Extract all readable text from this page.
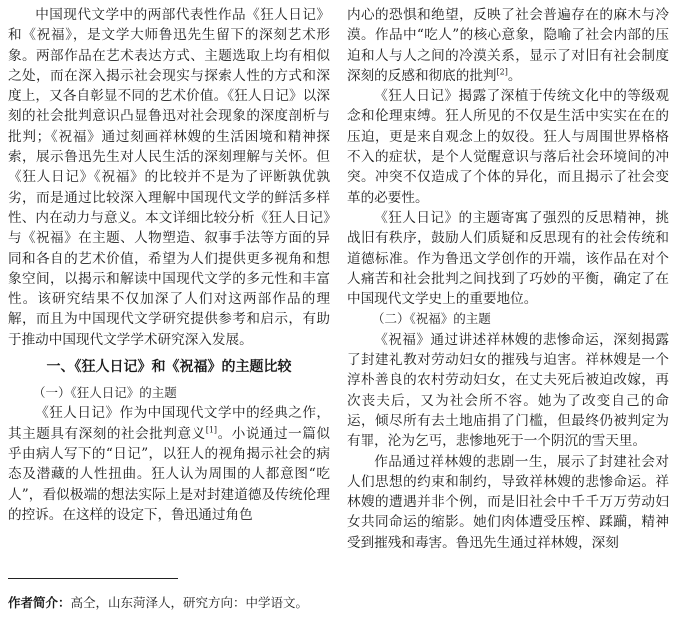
中国现代文学中的两部代表性作品《狂人日记》和《祝福》，是文学大师鲁迅先生留下的深刻艺术形象。两部作品在艺术表达方式、主题选取上均有相似之处，而在深入揭示社会现实与探索人性的方式和深度上，又各自彰显不同的艺术价值。《狂人日记》以深刻的社会批判意识凸显鲁迅对社会现象的深度剖析与批判；《祝福》通过刻画祥林嫂的生活困境和精神探索，展示鲁迅先生对人民生活的深刻理解与关怀。但《狂人日记》《祝福》的比较并不是为了评断孰优孰劣，而是通过比较深入理解中国现代文学的鲜活多样性、内在动力与意义。本文详细比较分析《狂人日记》与《祝福》在主题、人物塑造、叙事手法等方面的异同和各自的艺术价值，希望为人们提供更多视角和想象空间，以揭示和解读中国现代文学的多元性和丰富性。该研究结果不仅加深了人们对这两部作品的理解，而且为中国现代文学研究提供参考和启示，有助于推动中国现代文学学术研究深入发展。

一、《狂人日记》和《祝福》的主题比较
（一）《狂人日记》的主题

《狂人日记》作为中国现代文学中的经典之作，其主题具有深刻的社会批判意义[1]。小说通过一篇似乎由病人写下的“日记”，以狂人的视角揭示社会的病态及潜藏的人性扭曲。狂人认为周围的人都意图“吃人”，看似极端的想法实际上是对封建道德及传统伦理的控诉。在这样的设定下，鲁迅通过角色

内心的恐惧和绝望，反映了社会普遍存在的麻木与冷漠。作品中“吃人”的核心意象，隐喻了社会内部的压迫和人与人之间的冷漠关系，显示了对旧有社会制度深刻的反感和彻底的批判[2]。

《狂人日记》揭露了深植于传统文化中的等级观念和伦理束缚。狂人所见的不仅是生活中实实在在的压迫，更是来自观念上的奴役。狂人与周围世界格格不入的症状，是个人觉醒意识与落后社会环境间的冲突。冲突不仅造成了个体的异化，而且揭示了社会变革的必要性。

《狂人日记》的主题寄寓了强烈的反思精神，挑战旧有秩序，鼓励人们质疑和反思现有的社会传统和道德标准。作为鲁迅文学创作的开端，该作品在对个人痛苦和社会批判之间找到了巧妙的平衡，确定了在中国现代文学史上的重要地位。

（二）《祝福》的主题

《祝福》通过讲述祥林嫂的悲惨命运，深刻揭露了封建礼教对劳动妇女的摧残与迫害。祥林嫂是一个淳朴善良的农村劳动妇女，在丈夫死后被迫改嫁，再次丧夫后，又为社会所不容。她为了改变自己的命运，倾尽所有去土地庙捐了门槛，但最终仍被判定为有罪，沦为乞丐，悲惨地死于一个阴沉的雪天里。

作品通过祥林嫂的悲剧一生，展示了封建社会对人们思想的约束和制约，导致祥林嫂的悲惨命运。祥林嫂的遭遇并非个例，而是旧社会中千千万万劳动妇女共同命运的缩影。她们肉体遭受压榨、蹂躏，精神受到摧残和毒害。鲁迅先生通过祥林嫂，深刻

作者简介：高仝，山东菏泽人，研究方向：中学语文。
